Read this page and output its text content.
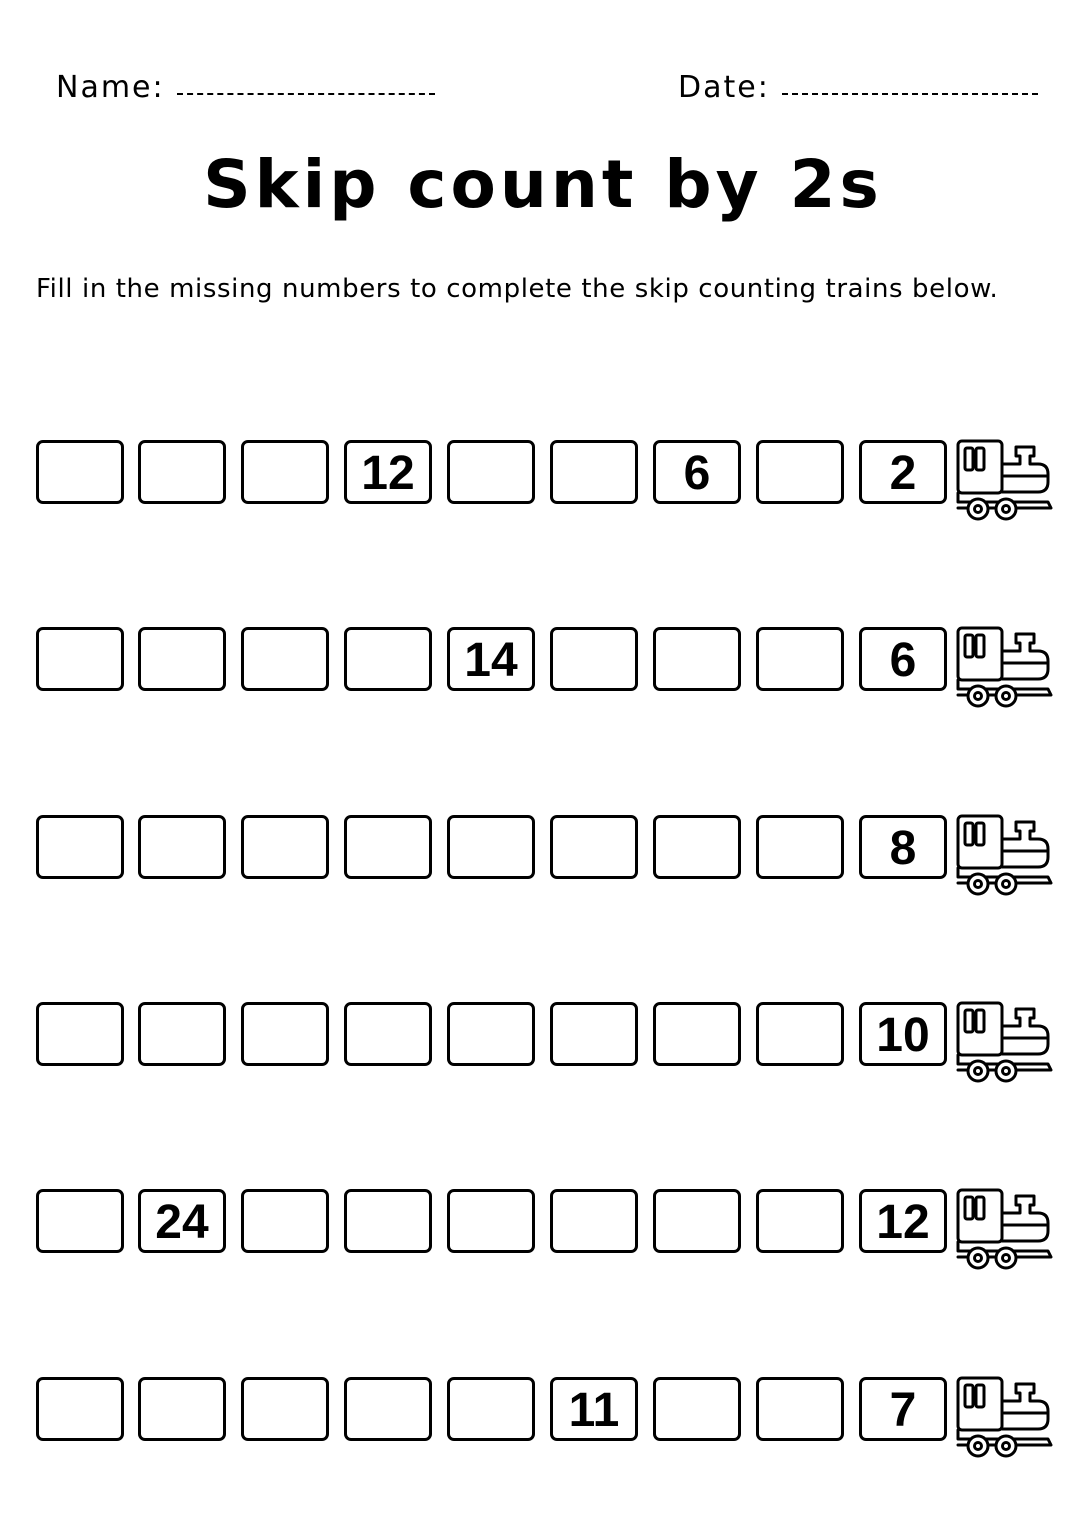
Name:	Date:
Skip count by 2s
Fill in the missing numbers to complete the skip counting trains below.
12	6	2
14	6
8
10
24	12
11	7
